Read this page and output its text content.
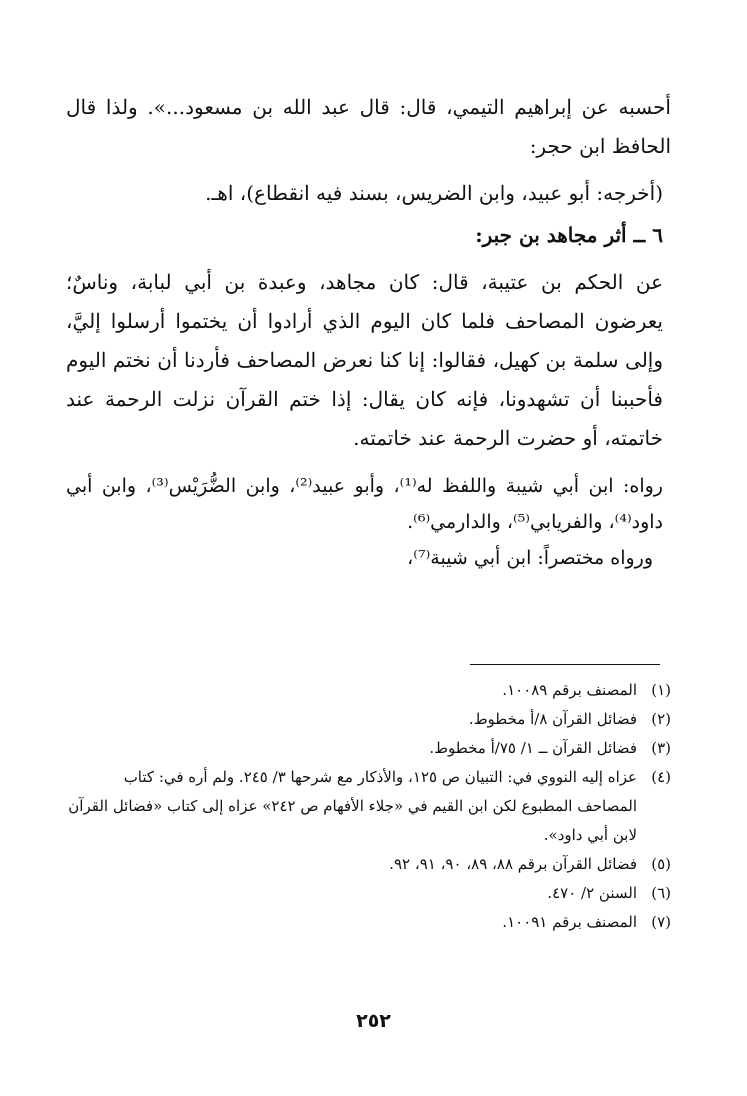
أحسبه عن إبراهيم التيمي، قال: قال عبد الله بن مسعود...». ولذا قال الحافظ ابن حجر:

(أخرجه: أبو عبيد، وابن الضريس، بسند فيه انقطاع)، اهـ.

٦ ــ أثر مجاهد بن جبر:

عن الحكم بن عتيبة، قال: كان مجاهد، وعبدة بن أبي لبابة، وناسٌ؛ يعرضون المصاحف فلما كان اليوم الذي أرادوا أن يختموا أرسلوا إليَّ، وإلى سلمة بن كهيل، فقالوا: إنا كنا نعرض المصاحف فأردنا أن نختم اليوم فأحببنا أن تشهدونا، فإنه كان يقال: إذا ختم القرآن نزلت الرحمة عند خاتمته، أو حضرت الرحمة عند خاتمته.

رواه: ابن أبي شيبة واللفظ له⁽¹⁾، وأبو عبيد⁽²⁾، وابن الضُّرَيْس⁽³⁾، وابن أبي داود⁽⁴⁾، والفريابي⁽⁵⁾، والدارمي⁽⁶⁾.

ورواه مختصراً: ابن أبي شيبة⁽⁷⁾،

(١)
المصنف برقم ١٠٠٨٩.
(٢)
فضائل القرآن ٨/أ مخطوط.
(٣)
فضائل القرآن ــ ١/ ٧٥/أ مخطوط.
(٤)
عزاه إليه النووي في: التبيان ص ١٢٥، والأذكار مع شرحها ٣/ ٢٤٥. ولم أره في: كتاب المصاحف المطبوع لكن ابن القيم في «جلاء الأفهام ص ٢٤٢» عزاه إلى كتاب «فضائل القرآن لابن أبي داود».
(٥)
فضائل القرآن برقم ٨٨، ٨٩، ٩٠، ٩١، ٩٢.
(٦)
السنن ٢/ ٤٧٠.
(٧)
المصنف برقم ١٠٠٩١.
٢٥٢
